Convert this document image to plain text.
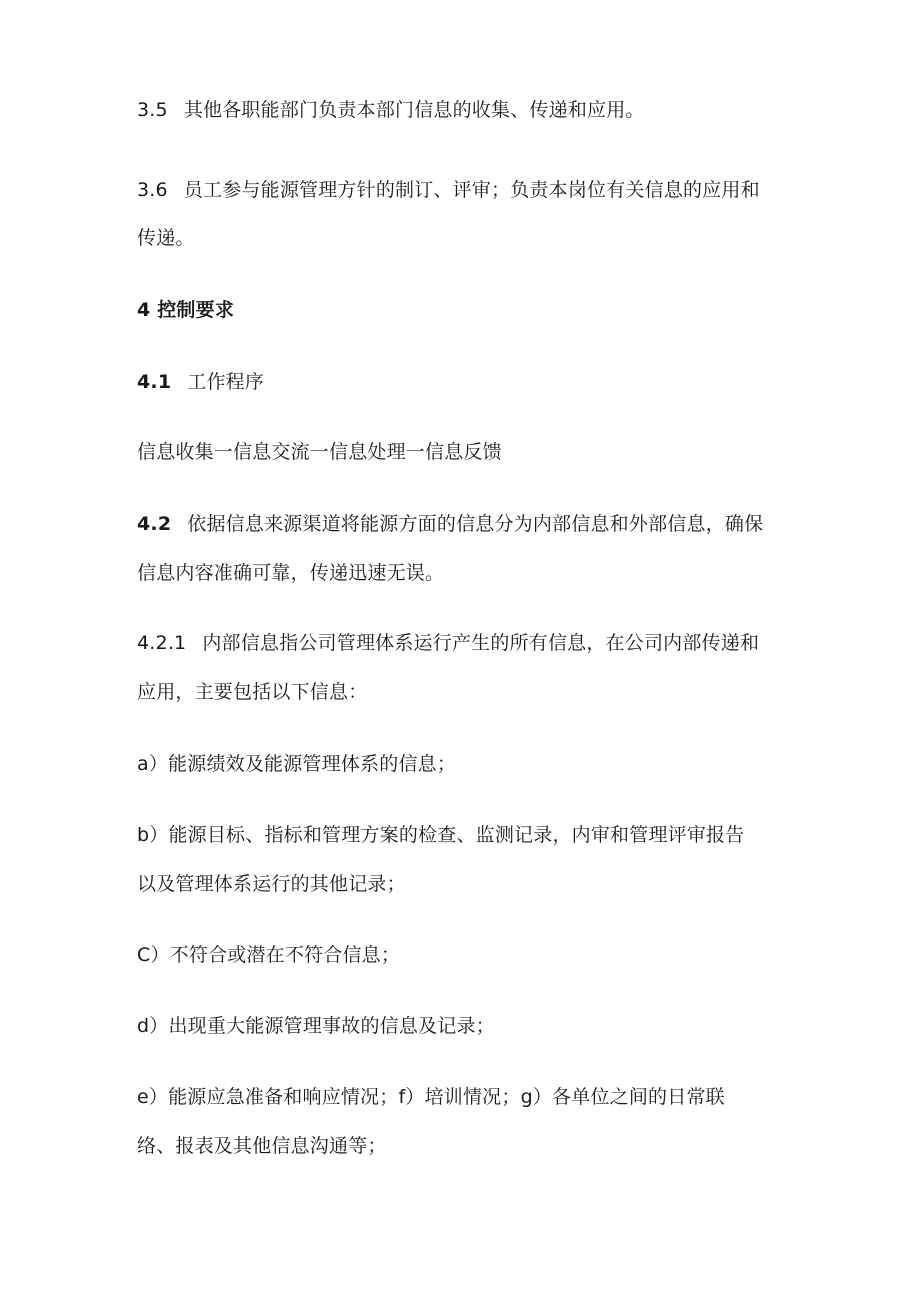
3.5 其他各职能部门负责本部门信息的收集、传递和应用。
3.6 员工参与能源管理方针的制订、评审；负责本岗位有关信息的应用和
传递。
4 控制要求
4.1 工作程序
信息收集一信息交流一信息处理一信息反馈
4.2 依据信息来源渠道将能源方面的信息分为内部信息和外部信息，确保
信息内容准确可靠，传递迅速无误。
4.2.1 内部信息指公司管理体系运行产生的所有信息，在公司内部传递和
应用，主要包括以下信息：
a）能源绩效及能源管理体系的信息；
b）能源目标、指标和管理方案的检查、监测记录，内审和管理评审报告
以及管理体系运行的其他记录；
C）不符合或潜在不符合信息；
d）出现重大能源管理事故的信息及记录；
e）能源应急准备和响应情况；f）培训情况；g）各单位之间的日常联
络、报表及其他信息沟通等；
